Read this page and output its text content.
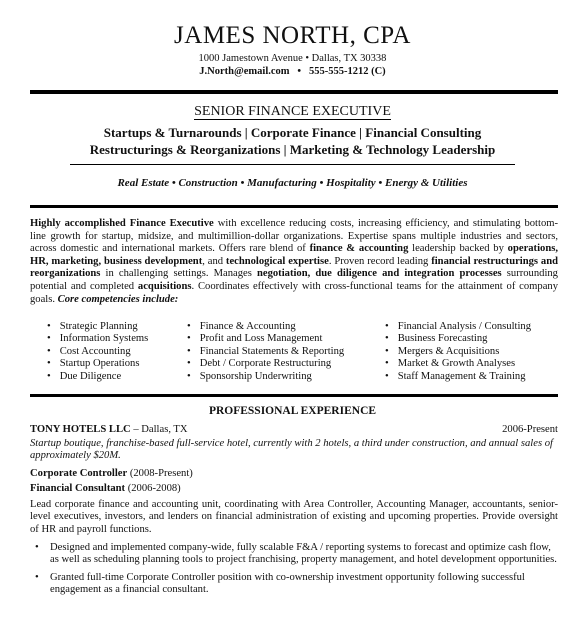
JAMES NORTH, CPA
1000 Jamestown Avenue • Dallas, TX 30338
J.North@email.com   •   555-555-1212 (C)
SENIOR FINANCE EXECUTIVE
Startups & Turnarounds | Corporate Finance | Financial Consulting
Restructurings & Reorganizations | Marketing & Technology Leadership
Real Estate • Construction • Manufacturing • Hospitality • Energy & Utilities
Highly accomplished Finance Executive with excellence reducing costs, increasing efficiency, and stimulating bottom-line growth for startup, midsize, and multimillion-dollar organizations. Expertise spans multiple industries and sectors, across domestic and international markets. Offers rare blend of finance & accounting leadership backed by operations, HR, marketing, business development, and technological expertise. Proven record leading financial restructurings and reorganizations in challenging settings. Manages negotiation, due diligence and integration processes surrounding potential and completed acquisitions. Coordinates effectively with cross-functional teams for the attainment of company goals. Core competencies include:
• Strategic Planning
• Information Systems
• Cost Accounting
• Startup Operations
• Due Diligence
• Finance & Accounting
• Profit and Loss Management
• Financial Statements & Reporting
• Debt / Corporate Restructuring
• Sponsorship Underwriting
• Financial Analysis / Consulting
• Business Forecasting
• Mergers & Acquisitions
• Market & Growth Analyses
• Staff Management & Training
PROFESSIONAL EXPERIENCE
TONY HOTELS LLC – Dallas, TX	2006-Present
Startup boutique, franchise-based full-service hotel, currently with 2 hotels, a third under construction, and annual sales of approximately $20M.
Corporate Controller (2008-Present)
Financial Consultant (2006-2008)
Lead corporate finance and accounting unit, coordinating with Area Controller, Accounting Manager, accountants, senior-level executives, investors, and lenders on financial administration of existing and upcoming properties. Provide oversight of HR and payroll functions.
• Designed and implemented company-wide, fully scalable F&A / reporting systems to forecast and optimize cash flow, as well as scheduling planning tools to project franchising, property management, and hotel development opportunities.
• Granted full-time Corporate Controller position with co-ownership investment opportunity following successful engagement as a financial consultant.
